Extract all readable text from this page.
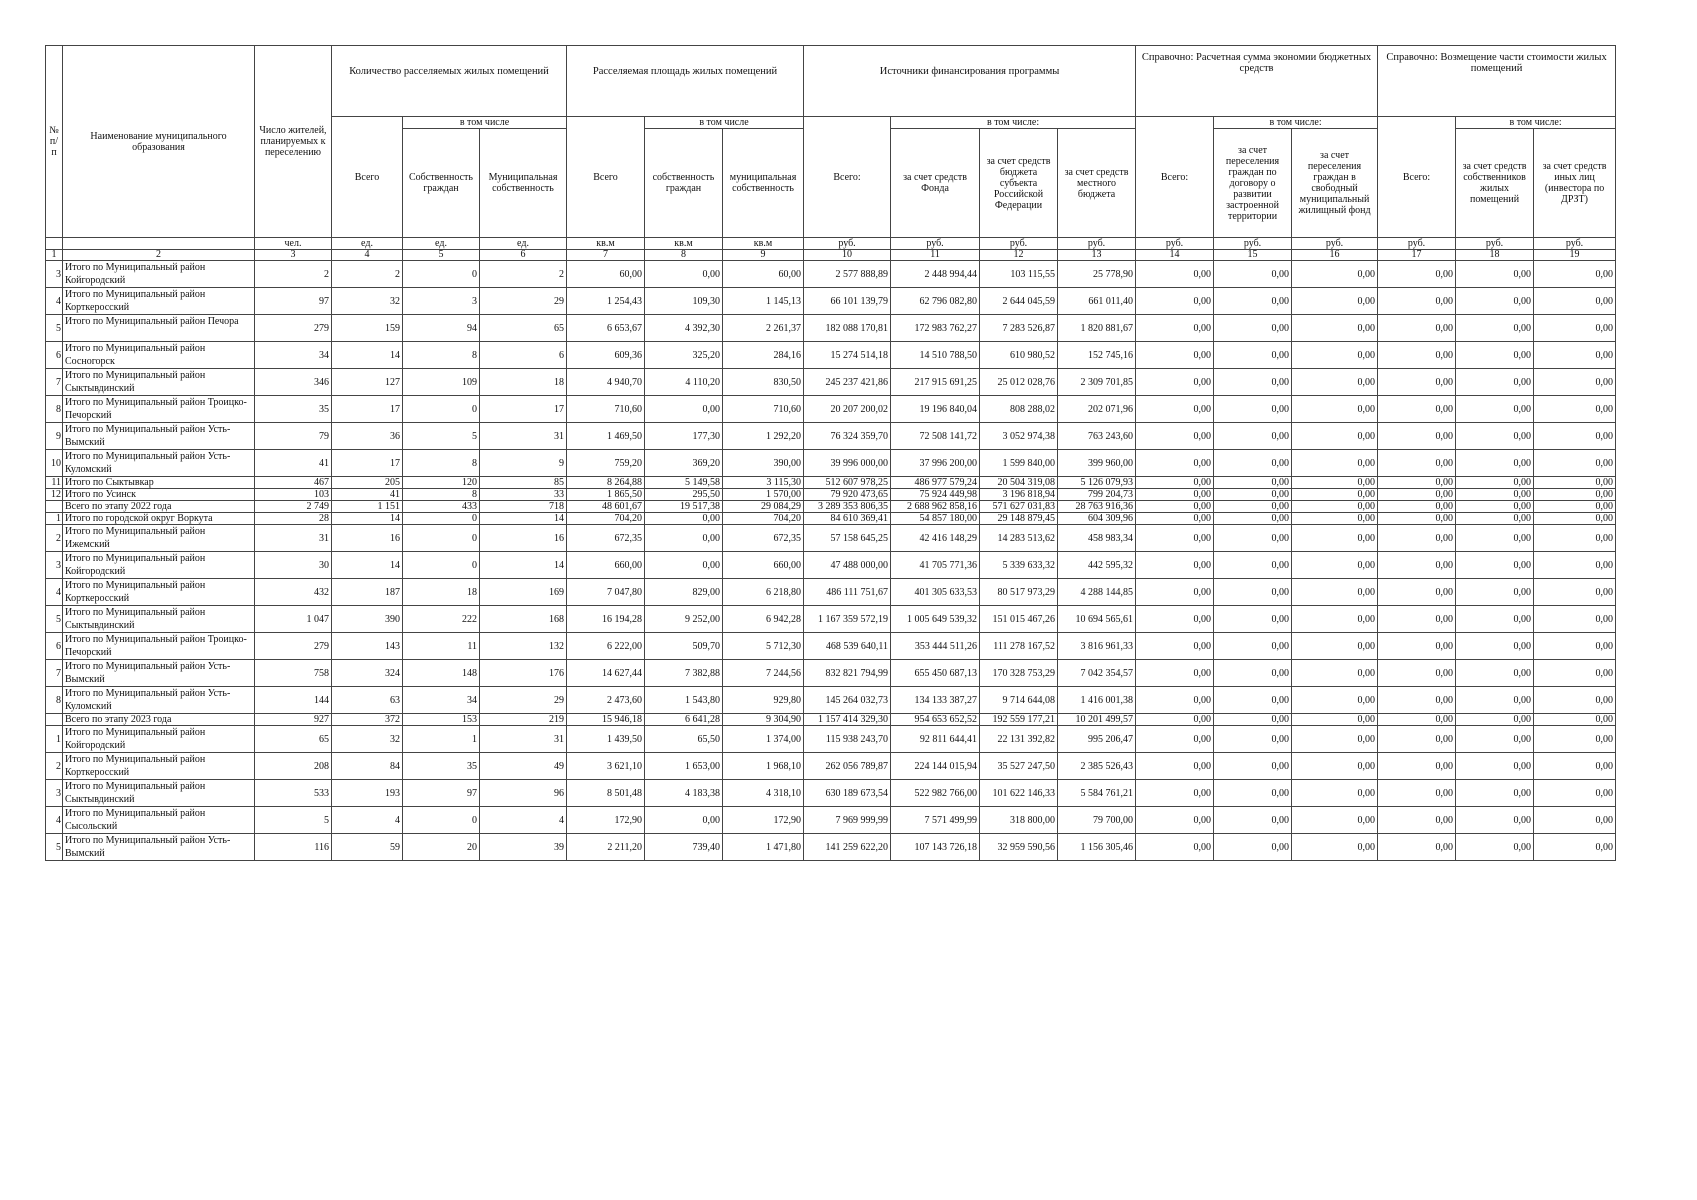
№ п/п	Наименование муниципального образования	Число жителей, планируемых к переселению	Количество расселяемых жилых помещений			Расселяемая площадь жилых помещений			Источники финансирования программы				Справочно: Расчетная сумма экономии бюджетных средств			Справочно: Возмещение части стоимости жилых помещений		
			Всего	в том числе		Всего	в том числе		Всего:	в том числе:			Всего:	в том числе:		Всего:	в том числе:	
				Собственность граждан	Муниципальная собственность		собственность граждан	муниципальная собственность		за счет средств Фонда	за счет средств бюджета субъекта Российской Федерации	за счет средств местного бюджета		за счет переселения граждан по договору о развитии застроенной территории	за счет переселения граждан в свободный муниципальный жилищный фонд		за счет средств собственников жилых помещений	за счет средств иных лиц (инвестора по ДРЗТ)
		чел.	ед.	ед.	ед.	кв.м	кв.м	кв.м	руб.	руб.	руб.	руб.	руб.	руб.	руб.	руб.	руб.	руб.
1	2	3	4	5	6	7	8	9	10	11	12	13	14	15	16	17	18	19
3	Итого по Муниципальный район Койгородский	2	2	0	2	60,00	0,00	60,00	2 577 888,89	2 448 994,44	103 115,55	25 778,90	0,00	0,00	0,00	0,00	0,00	0,00
4	Итого по Муниципальный район Корткеросский	97	32	3	29	1 254,43	109,30	1 145,13	66 101 139,79	62 796 082,80	2 644 045,59	661 011,40	0,00	0,00	0,00	0,00	0,00	0,00
5	Итого по Муниципальный район Печора	279	159	94	65	6 653,67	4 392,30	2 261,37	182 088 170,81	172 983 762,27	7 283 526,87	1 820 881,67	0,00	0,00	0,00	0,00	0,00	0,00
6	Итого по Муниципальный район Сосногорск	34	14	8	6	609,36	325,20	284,16	15 274 514,18	14 510 788,50	610 980,52	152 745,16	0,00	0,00	0,00	0,00	0,00	0,00
7	Итого по Муниципальный район Сыктывдинский	346	127	109	18	4 940,70	4 110,20	830,50	245 237 421,86	217 915 691,25	25 012 028,76	2 309 701,85	0,00	0,00	0,00	0,00	0,00	0,00
8	Итого по Муниципальный район Троицко-Печорский	35	17	0	17	710,60	0,00	710,60	20 207 200,02	19 196 840,04	808 288,02	202 071,96	0,00	0,00	0,00	0,00	0,00	0,00
9	Итого по Муниципальный район Усть-Вымский	79	36	5	31	1 469,50	177,30	1 292,20	76 324 359,70	72 508 141,72	3 052 974,38	763 243,60	0,00	0,00	0,00	0,00	0,00	0,00
10	Итого по Муниципальный район Усть-Куломский	41	17	8	9	759,20	369,20	390,00	39 996 000,00	37 996 200,00	1 599 840,00	399 960,00	0,00	0,00	0,00	0,00	0,00	0,00
11	Итого по Сыктывкар	467	205	120	85	8 264,88	5 149,58	3 115,30	512 607 978,25	486 977 579,24	20 504 319,08	5 126 079,93	0,00	0,00	0,00	0,00	0,00	0,00
12	Итого по Усинск	103	41	8	33	1 865,50	295,50	1 570,00	79 920 473,65	75 924 449,98	3 196 818,94	799 204,73	0,00	0,00	0,00	0,00	0,00	0,00
	Всего по этапу 2022 года	2 749	1 151	433	718	48 601,67	19 517,38	29 084,29	3 289 353 806,35	2 688 962 858,16	571 627 031,83	28 763 916,36	0,00	0,00	0,00	0,00	0,00	0,00
1	Итого по городской округ Воркута	28	14	0	14	704,20	0,00	704,20	84 610 369,41	54 857 180,00	29 148 879,45	604 309,96	0,00	0,00	0,00	0,00	0,00	0,00
2	Итого по Муниципальный район Ижемский	31	16	0	16	672,35	0,00	672,35	57 158 645,25	42 416 148,29	14 283 513,62	458 983,34	0,00	0,00	0,00	0,00	0,00	0,00
3	Итого по Муниципальный район Койгородский	30	14	0	14	660,00	0,00	660,00	47 488 000,00	41 705 771,36	5 339 633,32	442 595,32	0,00	0,00	0,00	0,00	0,00	0,00
4	Итого по Муниципальный район Корткеросский	432	187	18	169	7 047,80	829,00	6 218,80	486 111 751,67	401 305 633,53	80 517 973,29	4 288 144,85	0,00	0,00	0,00	0,00	0,00	0,00
5	Итого по Муниципальный район Сыктывдинский	1 047	390	222	168	16 194,28	9 252,00	6 942,28	1 167 359 572,19	1 005 649 539,32	151 015 467,26	10 694 565,61	0,00	0,00	0,00	0,00	0,00	0,00
6	Итого по Муниципальный район Троицко-Печорский	279	143	11	132	6 222,00	509,70	5 712,30	468 539 640,11	353 444 511,26	111 278 167,52	3 816 961,33	0,00	0,00	0,00	0,00	0,00	0,00
7	Итого по Муниципальный район Усть-Вымский	758	324	148	176	14 627,44	7 382,88	7 244,56	832 821 794,99	655 450 687,13	170 328 753,29	7 042 354,57	0,00	0,00	0,00	0,00	0,00	0,00
8	Итого по Муниципальный район Усть-Куломский	144	63	34	29	2 473,60	1 543,80	929,80	145 264 032,73	134 133 387,27	9 714 644,08	1 416 001,38	0,00	0,00	0,00	0,00	0,00	0,00
	Всего по этапу 2023 года	927	372	153	219	15 946,18	6 641,28	9 304,90	1 157 414 329,30	954 653 652,52	192 559 177,21	10 201 499,57	0,00	0,00	0,00	0,00	0,00	0,00
1	Итого по Муниципальный район Койгородский	65	32	1	31	1 439,50	65,50	1 374,00	115 938 243,70	92 811 644,41	22 131 392,82	995 206,47	0,00	0,00	0,00	0,00	0,00	0,00
2	Итого по Муниципальный район Корткеросский	208	84	35	49	3 621,10	1 653,00	1 968,10	262 056 789,87	224 144 015,94	35 527 247,50	2 385 526,43	0,00	0,00	0,00	0,00	0,00	0,00
3	Итого по Муниципальный район Сыктывдинский	533	193	97	96	8 501,48	4 183,38	4 318,10	630 189 673,54	522 982 766,00	101 622 146,33	5 584 761,21	0,00	0,00	0,00	0,00	0,00	0,00
4	Итого по Муниципальный район Сысольский	5	4	0	4	172,90	0,00	172,90	7 969 999,99	7 571 499,99	318 800,00	79 700,00	0,00	0,00	0,00	0,00	0,00	0,00
5	Итого по Муниципальный район Усть-Вымский	116	59	20	39	2 211,20	739,40	1 471,80	141 259 622,20	107 143 726,18	32 959 590,56	1 156 305,46	0,00	0,00	0,00	0,00	0,00	0,00
